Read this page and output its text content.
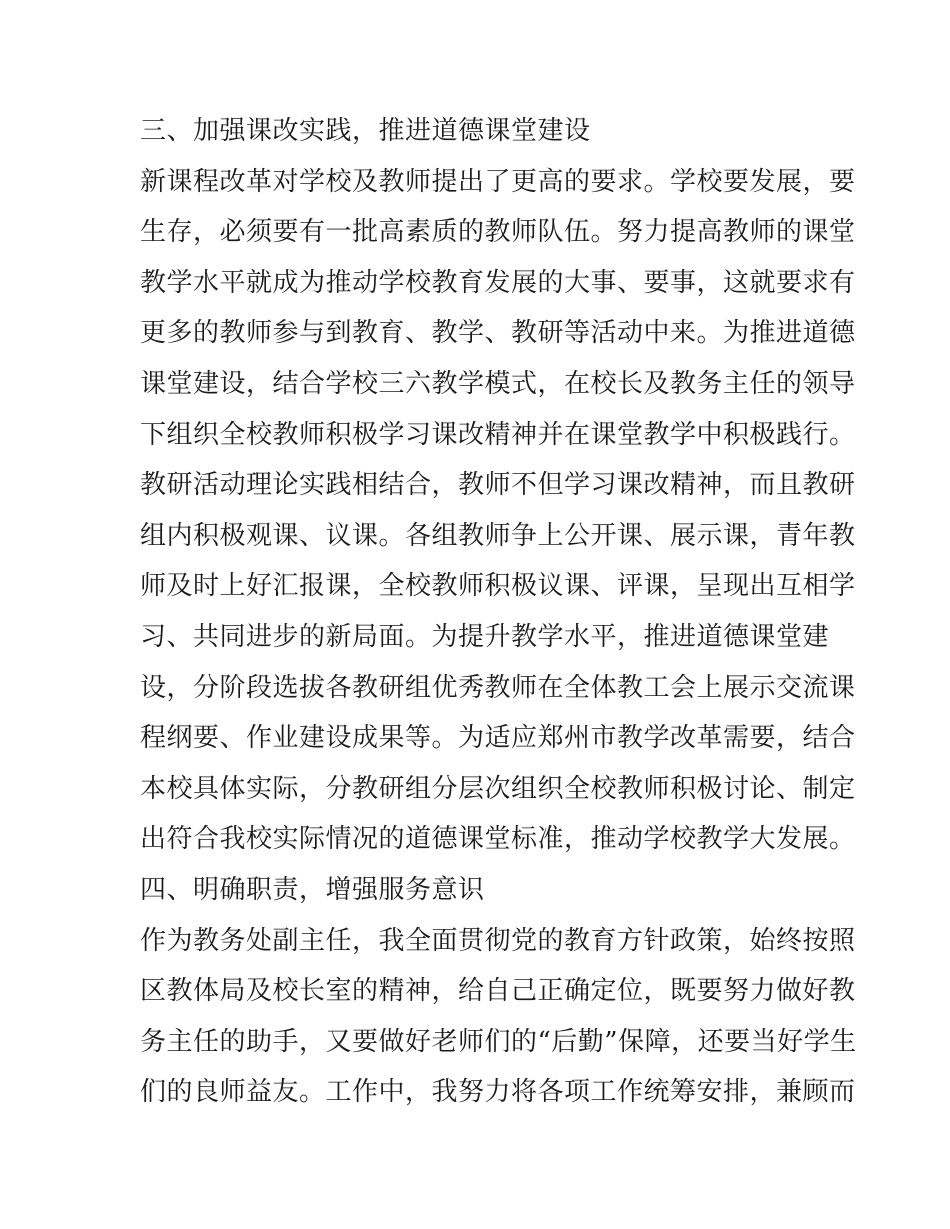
三、加强课改实践，推进道德课堂建设
新课程改革对学校及教师提出了更高的要求。学校要发展，要
生存，必须要有一批高素质的教师队伍。努力提高教师的课堂
教学水平就成为推动学校教育发展的大事、要事，这就要求有
更多的教师参与到教育、教学、教研等活动中来。为推进道德
课堂建设，结合学校三六教学模式，在校长及教务主任的领导
下组织全校教师积极学习课改精神并在课堂教学中积极践行。
教研活动理论实践相结合，教师不但学习课改精神，而且教研
组内积极观课、议课。各组教师争上公开课、展示课，青年教
师及时上好汇报课，全校教师积极议课、评课，呈现出互相学
习、共同进步的新局面。为提升教学水平，推进道德课堂建
设，分阶段选拔各教研组优秀教师在全体教工会上展示交流课
程纲要、作业建设成果等。为适应郑州市教学改革需要，结合
本校具体实际，分教研组分层次组织全校教师积极讨论、制定
出符合我校实际情况的道德课堂标准，推动学校教学大发展。
四、明确职责，增强服务意识
作为教务处副主任，我全面贯彻党的教育方针政策，始终按照
区教体局及校长室的精神，给自己正确定位，既要努力做好教
务主任的助手，又要做好老师们的“后勤”保障，还要当好学生
们的良师益友。工作中，我努力将各项工作统筹安排，兼顾而
